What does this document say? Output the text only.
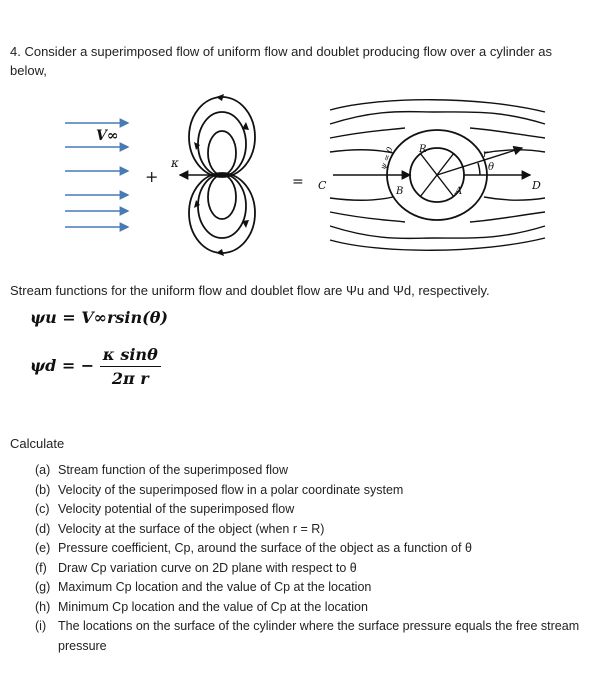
4. Consider a superimposed flow of uniform flow and doublet producing flow over a cylinder as below,
V∞
+
κ
= C	D
R	r
θ
B	A
ψ = 0
Stream functions for the uniform flow and doublet flow are Ψu and Ψd, respectively.
ψu = V∞rsin(θ)
ψd = − $\frac{\text{κ sinθ}}{\text{2π r}}$
Calculate
(a) Stream function of the superimposed flow
(b) Velocity of the superimposed flow in a polar coordinate system
(c) Velocity potential of the superimposed flow
(d) Velocity at the surface of the object (when r = R)
(e) Pressure coefficient, Cp, around the surface of the object as a function of θ
(f) Draw Cp variation curve on 2D plane with respect to θ
(g) Maximum Cp location and the value of Cp at the location
(h) Minimum Cp location and the value of Cp at the location
(i) The locations on the surface of the cylinder where the surface pressure equals the free stream pressure
